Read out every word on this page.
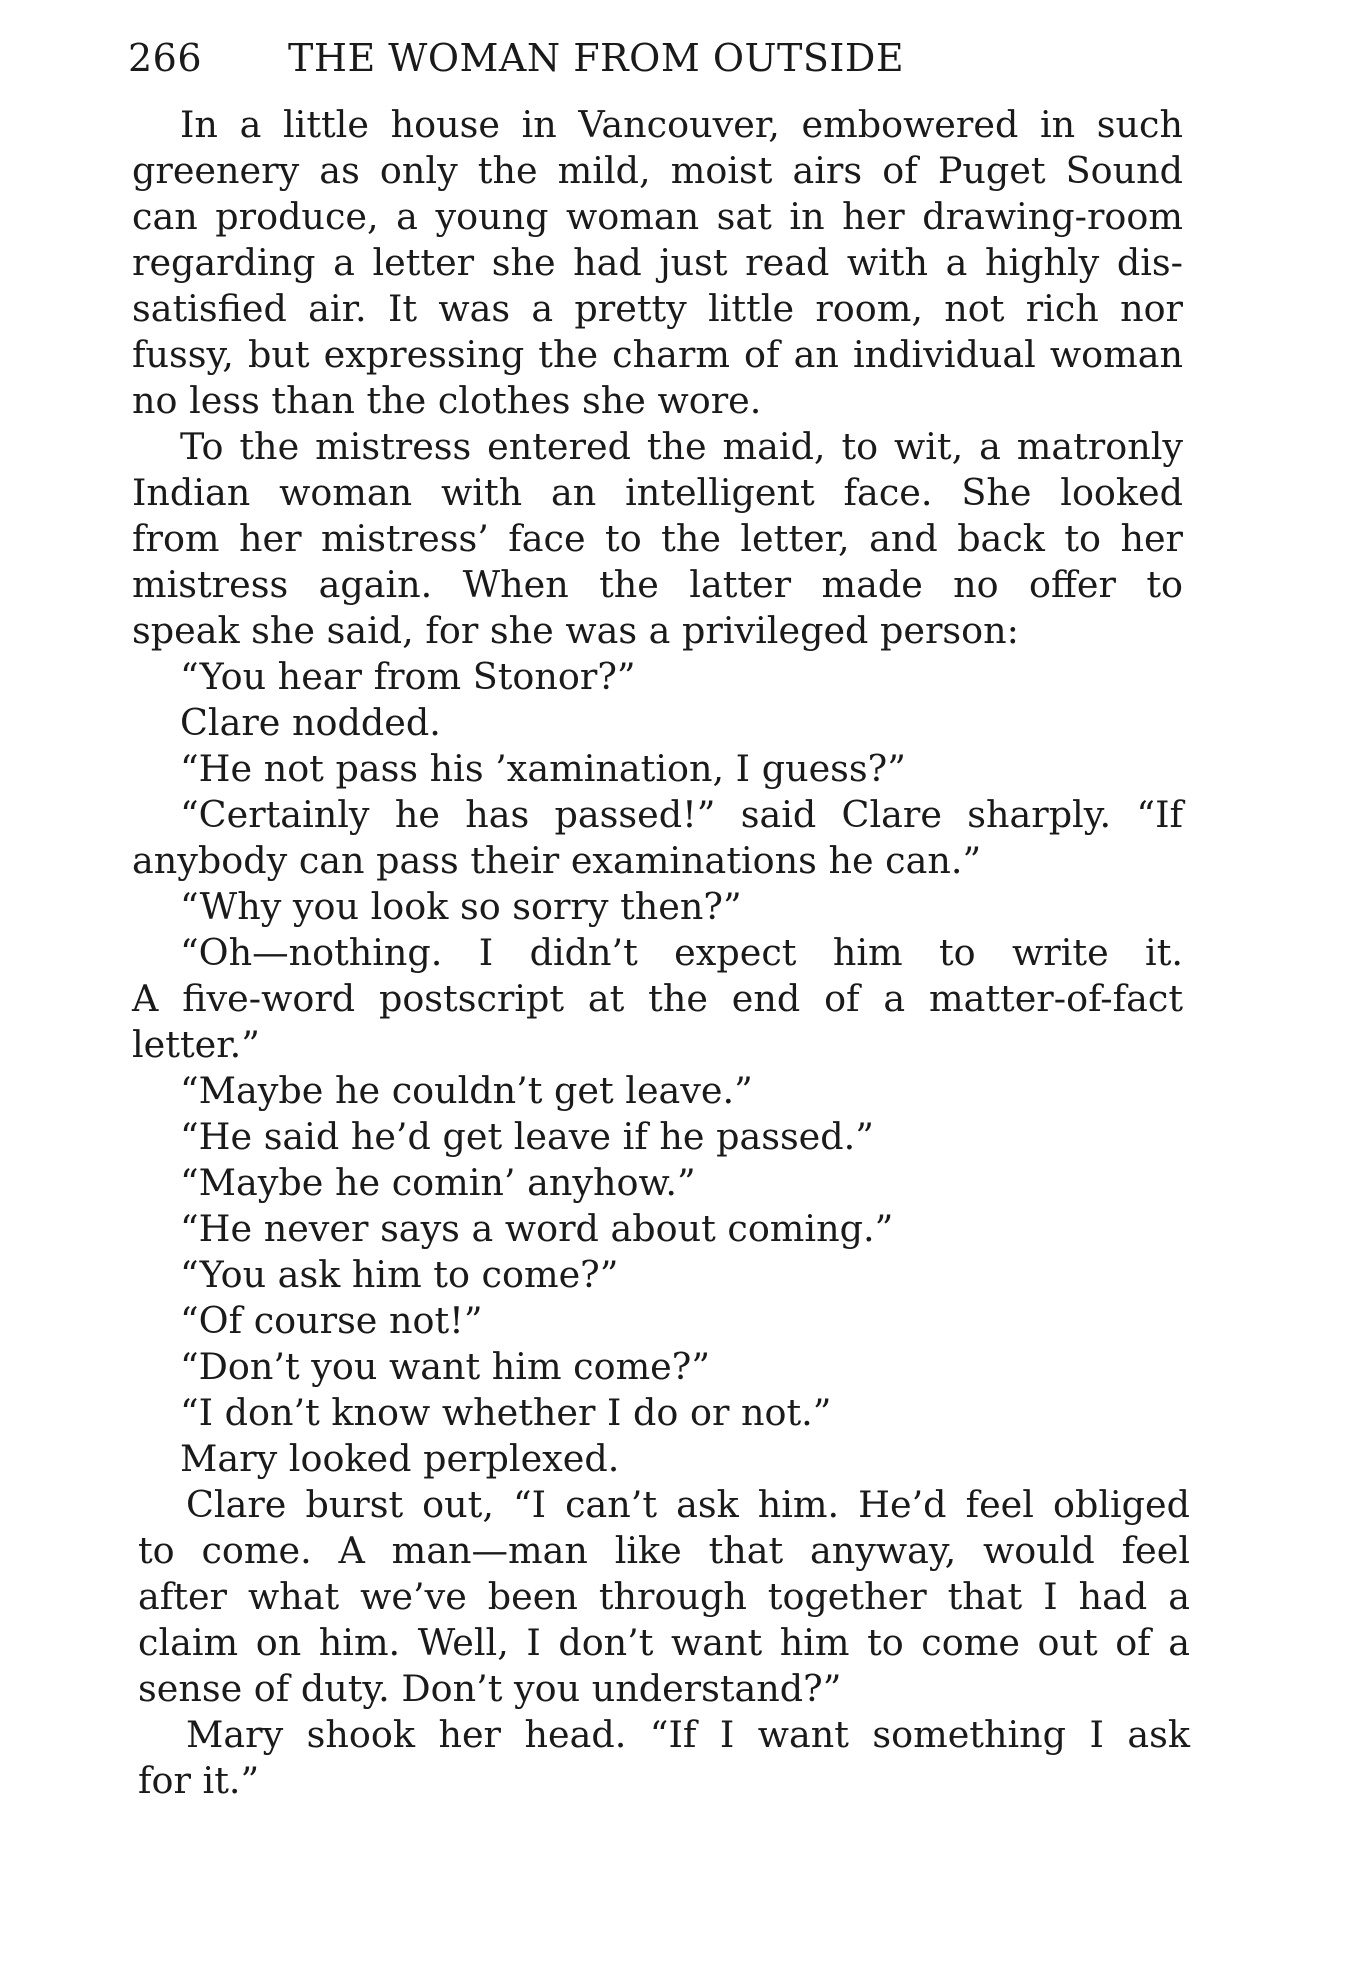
266 THE WOMAN FROM OUTSIDE
In a little house in Vancouver, embowered in such
greenery as only the mild, moist airs of Puget Sound
can produce, a young woman sat in her drawing-room
regarding a letter she had just read with a highly dis-
satisfied air. It was a pretty little room, not rich nor
fussy, but expressing the charm of an individual woman
no less than the clothes she wore.
To the mistress entered the maid, to wit, a matronly
Indian woman with an intelligent face. She looked
from her mistress’ face to the letter, and back to her
mistress again. When the latter made no offer to
speak she said, for she was a privileged person:
“You hear from Stonor?”
Clare nodded.
“He not pass his ’xamination, I guess?”
“Certainly he has passed!” said Clare sharply. “If
anybody can pass their examinations he can.”
“Why you look so sorry then?”
“Oh—nothing. I didn’t expect him to write it.
A five-word postscript at the end of a matter-of-fact
letter.”
“Maybe he couldn’t get leave.”
“He said he’d get leave if he passed.”
“Maybe he comin’ anyhow.”
“He never says a word about coming.”
“You ask him to come?”
“Of course not!”
“Don’t you want him come?”
“I don’t know whether I do or not.”
Mary looked perplexed.
Clare burst out, “I can’t ask him. He’d feel obliged
to come. A man—man like that anyway, would feel
after what we’ve been through together that I had a
claim on him. Well, I don’t want him to come out of a
sense of duty. Don’t you understand?”
Mary shook her head. “If I want something I ask
for it.”
